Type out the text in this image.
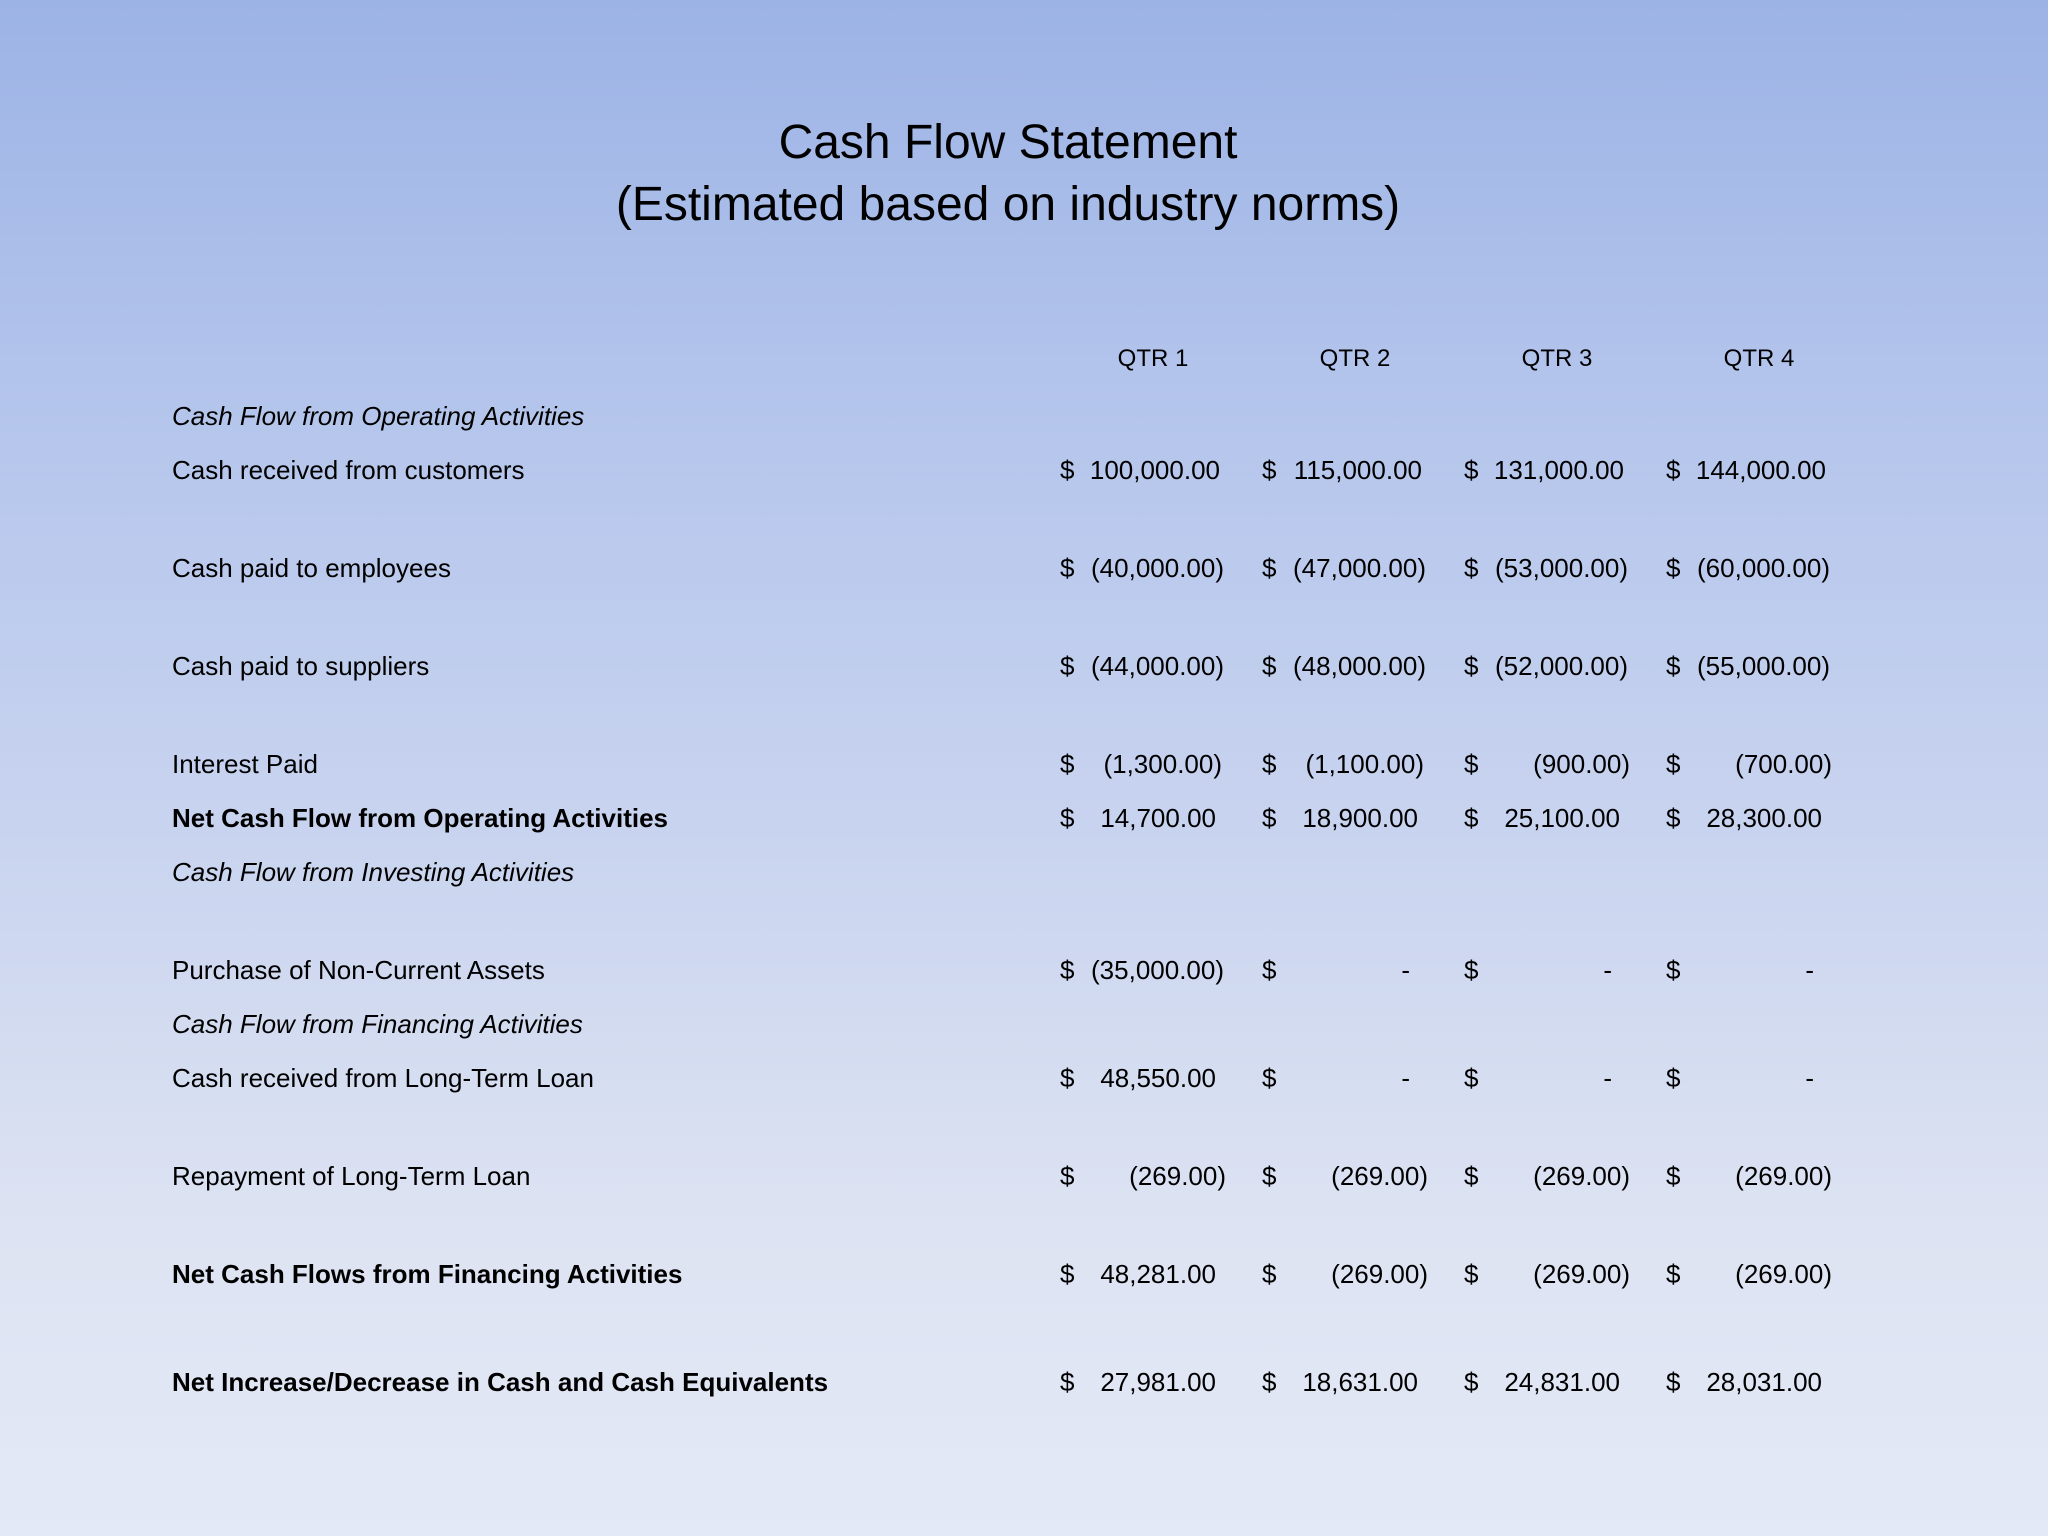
Cash Flow Statement
(Estimated based on industry norms)
QTR 1	QTR 2	QTR 3	QTR 4
Cash Flow from Operating Activities
Cash received from customers	$ 100,000.00 $ 115,000.00 $ 131,000.00 $ 144,000.00
Cash paid to employees	$ (40,000.00) $ (47,000.00) $ (53,000.00) $ (60,000.00)
Cash paid to suppliers	$ (44,000.00) $ (48,000.00) $ (52,000.00) $ (55,000.00)
Interest Paid	$ (1,300.00) $ (1,100.00) $ (900.00) $ (700.00)
Net Cash Flow from Operating Activities	$ 14,700.00 $ 18,900.00 $ 25,100.00 $ 28,300.00
Cash Flow from Investing Activities
Purchase of Non-Current Assets	$ (35,000.00) $	- $	- $	-
Cash Flow from Financing Activities
Cash received from Long-Term Loan	$ 48,550.00 $	- $	- $	-
Repayment of Long-Term Loan	$ (269.00) $ (269.00) $ (269.00) $ (269.00)
Net Cash Flows from Financing Activities	$ 48,281.00 $ (269.00) $ (269.00) $ (269.00)
Net Increase/Decrease in Cash and Cash Equivalents	$ 27,981.00 $ 18,631.00 $ 24,831.00 $ 28,031.00
